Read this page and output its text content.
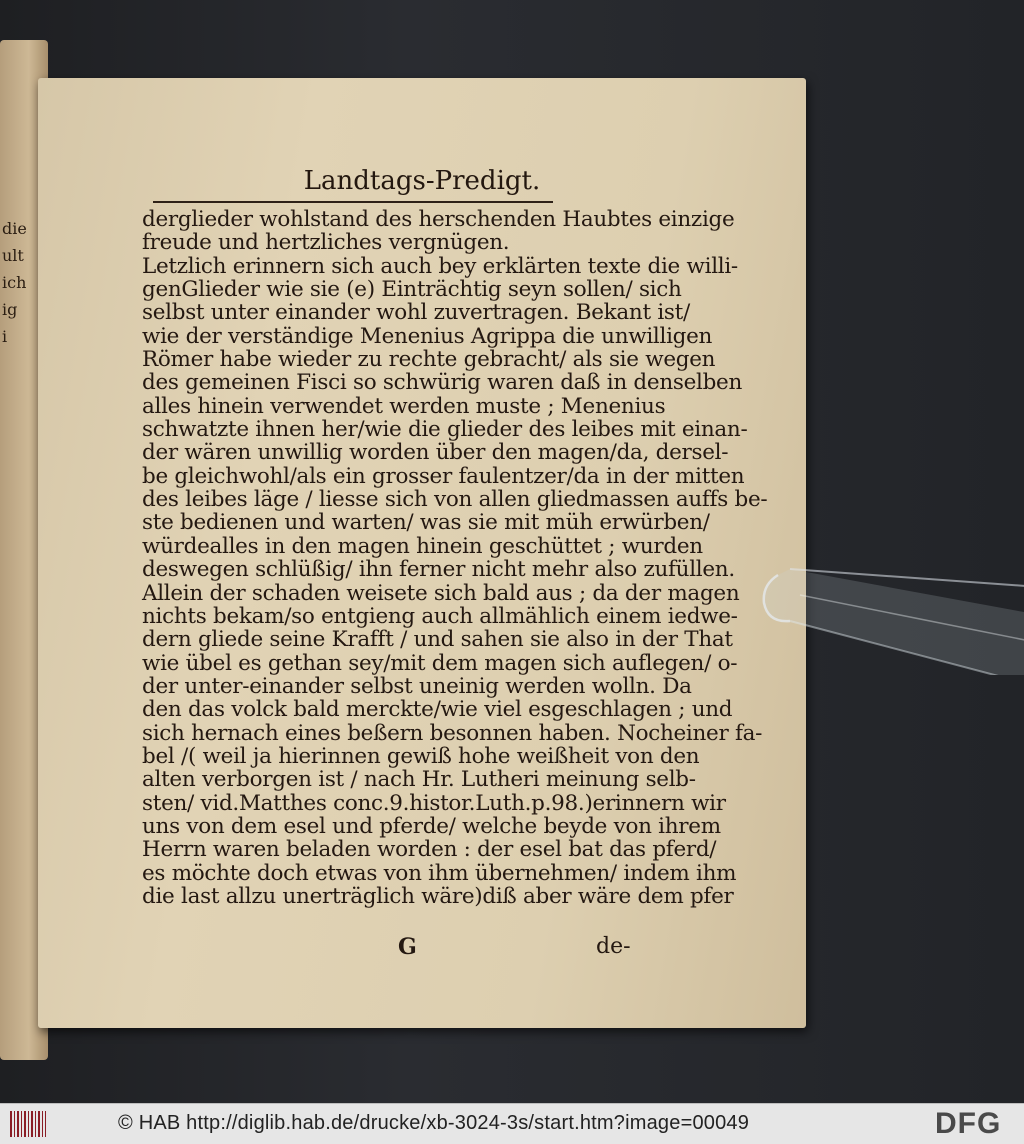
die
ult
ich
ig
i
Landtags-Predigt.
derglieder wohlstand des herschenden Haubtes einzige
freude und hertzliches vergnügen.
Letzlich erinnern sich auch bey erklärten texte die willi-
genGlieder wie sie (e) Einträchtig seyn sollen/ sich
selbst unter einander wohl zuvertragen. Bekant ist/
wie der verständige Menenius Agrippa die unwilligen
Römer habe wieder zu rechte gebracht/ als sie wegen
des gemeinen Fisci so schwürig waren daß in denselben
alles hinein verwendet werden muste ; Menenius
schwatzte ihnen her/wie die glieder des leibes mit einan-
der wären unwillig worden über den magen/da, dersel-
be gleichwohl/als ein grosser faulentzer/da in der mitten
des leibes läge / liesse sich von allen gliedmassen auffs be-
ste bedienen und warten/ was sie mit müh erwürben/
würdealles in den magen hinein geschüttet ; wurden
deswegen schlüßig/ ihn ferner nicht mehr also zufüllen.
Allein der schaden weisete sich bald aus ; da der magen
nichts bekam/so entgieng auch allmählich einem iedwe-
dern gliede seine Krafft / und sahen sie also in der That
wie übel es gethan sey/mit dem magen sich auflegen/ o-
der unter-einander selbst uneinig werden wolln. Da
den das volck bald merckte/wie viel esgeschlagen ; und
sich hernach eines beßern besonnen haben. Nocheiner fa-
bel /( weil ja hierinnen gewiß hohe weißheit von den
alten verborgen ist / nach Hr. Lutheri meinung selb-
sten/ vid.Matthes conc.9.histor.Luth.p.98.)erinnern wir
uns von dem esel und pferde/ welche beyde von ihrem
Herrn waren beladen worden : der esel bat das pferd/
es möchte doch etwas von ihm übernehmen/ indem ihm
die last allzu unerträglich wäre)diß aber wäre dem pfer
G	de-
© HAB http://diglib.hab.de/drucke/xb-3024-3s/start.htm?image=00049	DFG
